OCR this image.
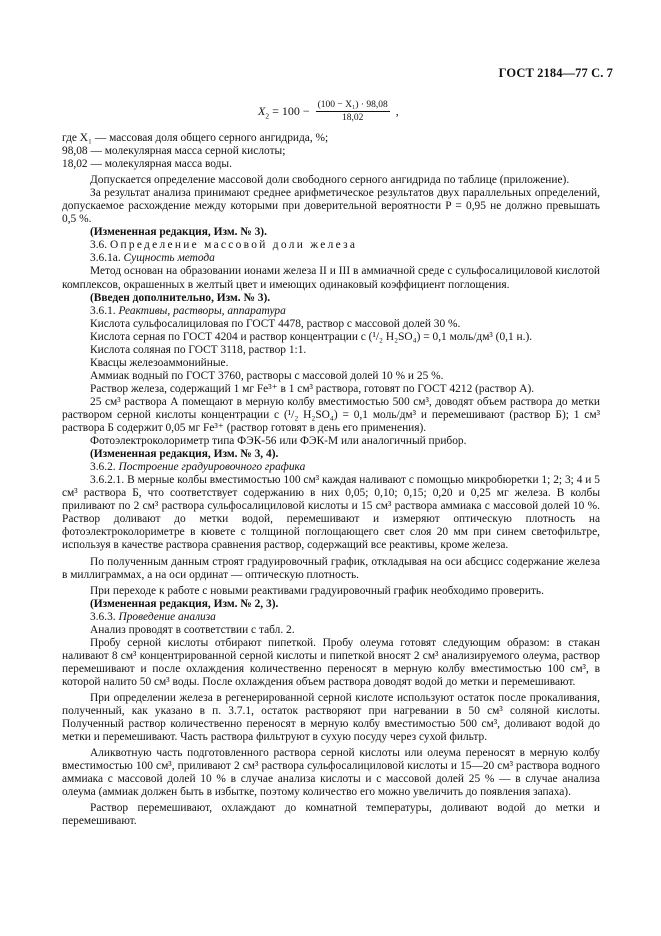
ГОСТ 2184—77 С. 7
$X_2 = 100 - \frac{\text{(100 − X₁) · 98,08}}{18,02}$ ,

где X₁ — массовая доля общего серного ангидрида, %;

98,08 — молекулярная масса серной кислоты;

18,02 — молекулярная масса воды.

Допускается определение массовой доли свободного серного ангидрида по таблице (приложение).

За результат анализа принимают среднее арифметическое результатов двух параллельных определений, допускаемое расхождение между которыми при доверительной вероятности P = 0,95 не должно превышать 0,5 %.

(Измененная редакция, Изм. № 3).

3.6. Определение массовой доли железа

3.6.1а. Сущность метода

Метод основан на образовании ионами железа II и III в аммиачной среде с сульфосалициловой кислотой комплексов, окрашенных в желтый цвет и имеющих одинаковый коэффициент поглощения.

(Введен дополнительно, Изм. № 3).

3.6.1. Реактивы, растворы, аппаратура

Кислота сульфосалициловая по ГОСТ 4478, раствор с массовой долей 30 %.

Кислота серная по ГОСТ 4204 и раствор концентрации c (¹/₂ H₂SO₄) = 0,1 моль/дм³ (0,1 н.).

Кислота соляная по ГОСТ 3118, раствор 1:1.

Квасцы железоаммонийные.

Аммиак водный по ГОСТ 3760, растворы с массовой долей 10 % и 25 %.

Раствор железа, содержащий 1 мг Fe³⁺ в 1 см³ раствора, готовят по ГОСТ 4212 (раствор А).

25 см³ раствора А помещают в мерную колбу вместимостью 500 см³, доводят объем раствора до метки раствором серной кислоты концентрации c (¹/₂ H₂SO₄) = 0,1 моль/дм³ и перемешивают (раствор Б); 1 см³ раствора Б содержит 0,05 мг Fe³⁺ (раствор готовят в день его применения).

Фотоэлектроколориметр типа ФЭК-56 или ФЭК-М или аналогичный прибор.

(Измененная редакция, Изм. № 3, 4).

3.6.2. Построение градуировочного графика

3.6.2.1. В мерные колбы вместимостью 100 см³ каждая наливают с помощью микробюретки 1; 2; 3; 4 и 5 см³ раствора Б, что соответствует содержанию в них 0,05; 0,10; 0,15; 0,20 и 0,25 мг железа. В колбы приливают по 2 см³ раствора сульфосалициловой кислоты и 15 см³ раствора аммиака с массовой долей 10 %. Раствор доливают до метки водой, перемешивают и измеряют оптическую плотность на фотоэлектроколориметре в кювете с толщиной поглощающего свет слоя 20 мм при синем светофильтре, используя в качестве раствора сравнения раствор, содержащий все реактивы, кроме железа.

По полученным данным строят градуировочный график, откладывая на оси абсцисс содержание железа в миллиграммах, а на оси ординат — оптическую плотность.

При переходе к работе с новыми реактивами градуировочный график необходимо проверить.

(Измененная редакция, Изм. № 2, 3).

3.6.3. Проведение анализа

Анализ проводят в соответствии с табл. 2.

Пробу серной кислоты отбирают пипеткой. Пробу олеума готовят следующим образом: в стакан наливают 8 см³ концентрированной серной кислоты и пипеткой вносят 2 см³ анализируемого олеума, раствор перемешивают и после охлаждения количественно переносят в мерную колбу вместимостью 100 см³, в которой налито 50 см³ воды. После охлаждения объем раствора доводят водой до метки и перемешивают.

При определении железа в регенерированной серной кислоте используют остаток после прокаливания, полученный, как указано в п. 3.7.1, остаток растворяют при нагревании в 50 см³ соляной кислоты. Полученный раствор количественно переносят в мерную колбу вместимостью 500 см³, доливают водой до метки и перемешивают. Часть раствора фильтруют в сухую посуду через сухой фильтр.

Аликвотную часть подготовленного раствора серной кислоты или олеума переносят в мерную колбу вместимостью 100 см³, приливают 2 см³ раствора сульфосалициловой кислоты и 15—20 см³ раствора водного аммиака с массовой долей 10 % в случае анализа кислоты и с массовой долей 25 % — в случае анализа олеума (аммиак должен быть в избытке, поэтому количество его можно увеличить до появления запаха).

Раствор перемешивают, охлаждают до комнатной температуры, доливают водой до метки и перемешивают.
